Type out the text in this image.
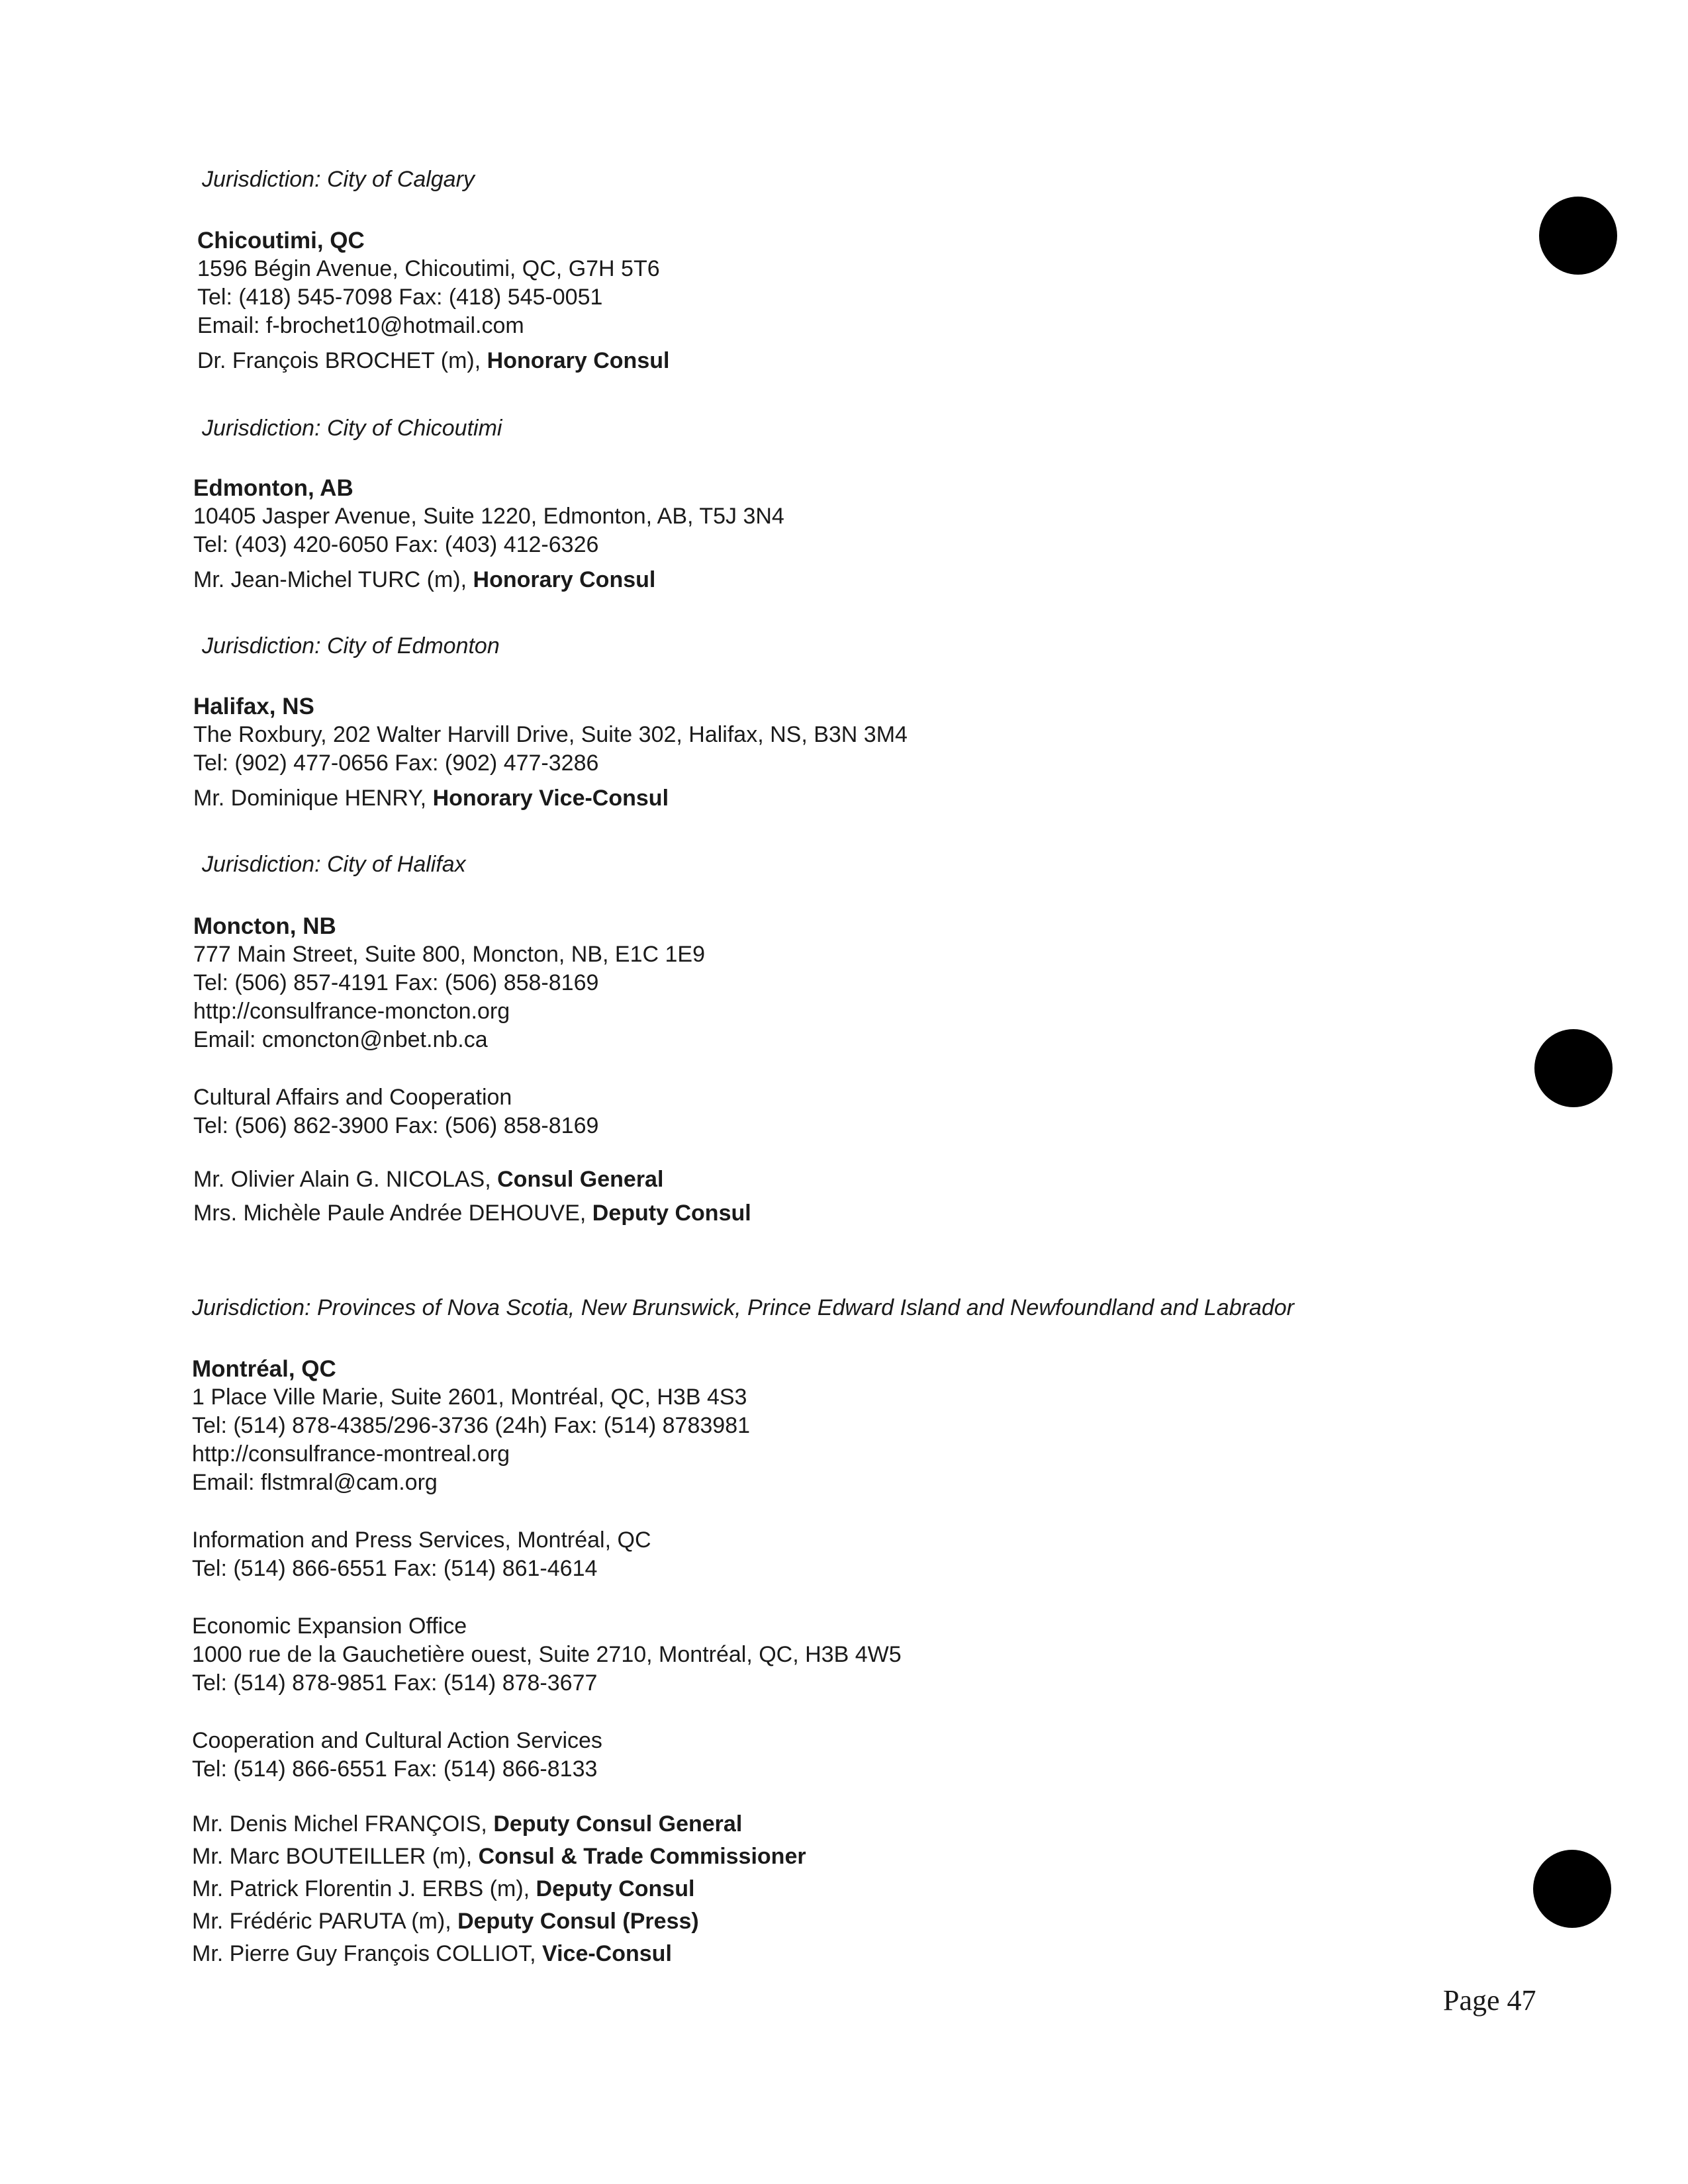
Jurisdiction: City of Calgary
Chicoutimi, QC
1596 Bégin Avenue, Chicoutimi, QC, G7H 5T6
Tel: (418) 545-7098 Fax: (418) 545-0051
Email: f-brochet10@hotmail.com
Dr. François BROCHET (m), Honorary Consul
Jurisdiction: City of Chicoutimi
Edmonton, AB
10405 Jasper Avenue, Suite 1220, Edmonton, AB, T5J 3N4
Tel: (403) 420-6050 Fax: (403) 412-6326
Mr. Jean-Michel TURC (m), Honorary Consul
Jurisdiction: City of Edmonton
Halifax, NS
The Roxbury, 202 Walter Harvill Drive, Suite 302, Halifax, NS, B3N 3M4
Tel: (902) 477-0656 Fax: (902) 477-3286
Mr. Dominique HENRY, Honorary Vice-Consul
Jurisdiction: City of Halifax
Moncton, NB
777 Main Street, Suite 800, Moncton, NB, E1C 1E9
Tel: (506) 857-4191 Fax: (506) 858-8169
http://consulfrance-moncton.org
Email: cmoncton@nbet.nb.ca
Cultural Affairs and Cooperation
Tel: (506) 862-3900 Fax: (506) 858-8169
Mr. Olivier Alain G. NICOLAS, Consul General
Mrs. Michèle Paule Andrée DEHOUVE, Deputy Consul
Jurisdiction: Provinces of Nova Scotia, New Brunswick, Prince Edward Island and Newfoundland and Labrador
Montréal, QC
1 Place Ville Marie, Suite 2601, Montréal, QC, H3B 4S3
Tel: (514) 878-4385/296-3736 (24h) Fax: (514) 8783981
http://consulfrance-montreal.org
Email: flstmral@cam.org
Information and Press Services, Montréal, QC
Tel: (514) 866-6551 Fax: (514) 861-4614
Economic Expansion Office
1000 rue de la Gauchetière ouest, Suite 2710, Montréal, QC, H3B 4W5
Tel: (514) 878-9851 Fax: (514) 878-3677
Cooperation and Cultural Action Services
Tel: (514) 866-6551 Fax: (514) 866-8133
Mr. Denis Michel FRANÇOIS, Deputy Consul General
Mr. Marc BOUTEILLER (m), Consul & Trade Commissioner
Mr. Patrick Florentin J. ERBS (m), Deputy Consul
Mr. Frédéric PARUTA (m), Deputy Consul (Press)
Mr. Pierre Guy François COLLIOT, Vice-Consul
Page 47
